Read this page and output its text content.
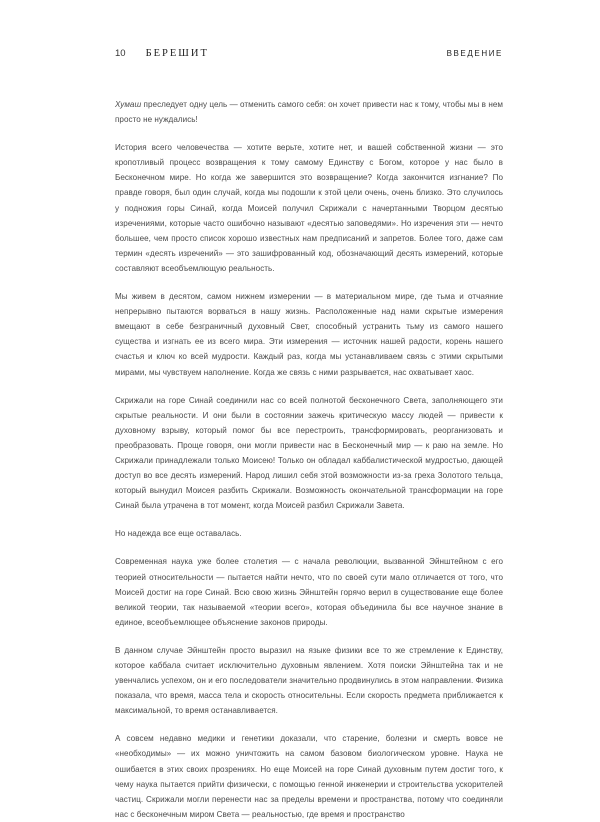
10 БЕРЕШИТ	ВВЕДЕНИЕ

Хумаш преследует одну цель — отменить самого себя: он хочет привести нас к тому, чтобы мы в нем просто не нуждались!

История всего человечества — хотите верьте, хотите нет, и вашей собственной жизни — это кропотливый процесс возвращения к тому самому Единству с Богом, которое у нас было в Бесконечном мире. Но когда же завершится это возвращение? Когда закончится изгнание? По правде говоря, был один случай, когда мы подошли к этой цели очень, очень близко. Это случилось у подножия горы Синай, когда Моисей получил Скрижали с начертанными Творцом десятью изречениями, которые часто ошибочно называют «десятью заповедями». Но изречения эти — нечто большее, чем просто список хорошо известных нам предписаний и запретов. Более того, даже сам термин «десять изречений» — это зашифрованный код, обозначающий десять измерений, которые составляют всеобъемлющую реальность.

Мы живем в десятом, самом нижнем измерении — в материальном мире, где тьма и отчаяние непрерывно пытаются ворваться в нашу жизнь. Расположенные над нами скрытые измерения вмещают в себе безграничный духовный Свет, способный устранить тьму из самого нашего существа и изгнать ее из всего мира. Эти измерения — источник нашей радости, корень нашего счастья и ключ ко всей мудрости. Каждый раз, когда мы устанавливаем связь с этими скрытыми мирами, мы чувствуем наполнение. Когда же связь с ними разрывается, нас охватывает хаос.

Скрижали на горе Синай соединили нас со всей полнотой бесконечного Света, заполняющего эти скрытые реальности. И они были в состоянии зажечь критическую массу людей — привести к духовному взрыву, который помог бы все перестроить, трансформировать, реорганизовать и преобразовать. Проще говоря, они могли привести нас в Бесконечный мир — к раю на земле. Но Скрижали принадлежали только Моисею! Только он обладал каббалистической мудростью, дающей доступ во все десять измерений. Народ лишил себя этой возможности из-за греха Золотого тельца, который вынудил Моисея разбить Скрижали. Возможность окончательной трансформации на горе Синай была утрачена в тот момент, когда Моисей разбил Скрижали Завета.

Но надежда все еще оставалась.

Современная наука уже более столетия — с начала революции, вызванной Эйнштейном с его теорией относительности — пытается найти нечто, что по своей сути мало отличается от того, что Моисей достиг на горе Синай. Всю свою жизнь Эйнштейн горячо верил в существование еще более великой теории, так называемой «теории всего», которая объединила бы все научное знание в единое, всеобъемлющее объяснение законов природы.

В данном случае Эйнштейн просто выразил на языке физики все то же стремление к Единству, которое каббала считает исключительно духовным явлением. Хотя поиски Эйнштейна так и не увенчались успехом, он и его последователи значительно продвинулись в этом направлении. Физика показала, что время, масса тела и скорость относительны. Если скорость предмета приближается к максимальной, то время останавливается.

А совсем недавно медики и генетики доказали, что старение, болезни и смерть вовсе не «необходимы» — их можно уничтожить на самом базовом биологическом уровне. Наука не ошибается в этих своих прозрениях. Но еще Моисей на горе Синай духовным путем достиг того, к чему наука пытается прийти физически, с помощью генной инженерии и строительства ускорителей частиц. Скрижали могли перенести нас за пределы времени и пространства, потому что соединяли нас с бесконечным миром Света — реальностью, где время и пространство
